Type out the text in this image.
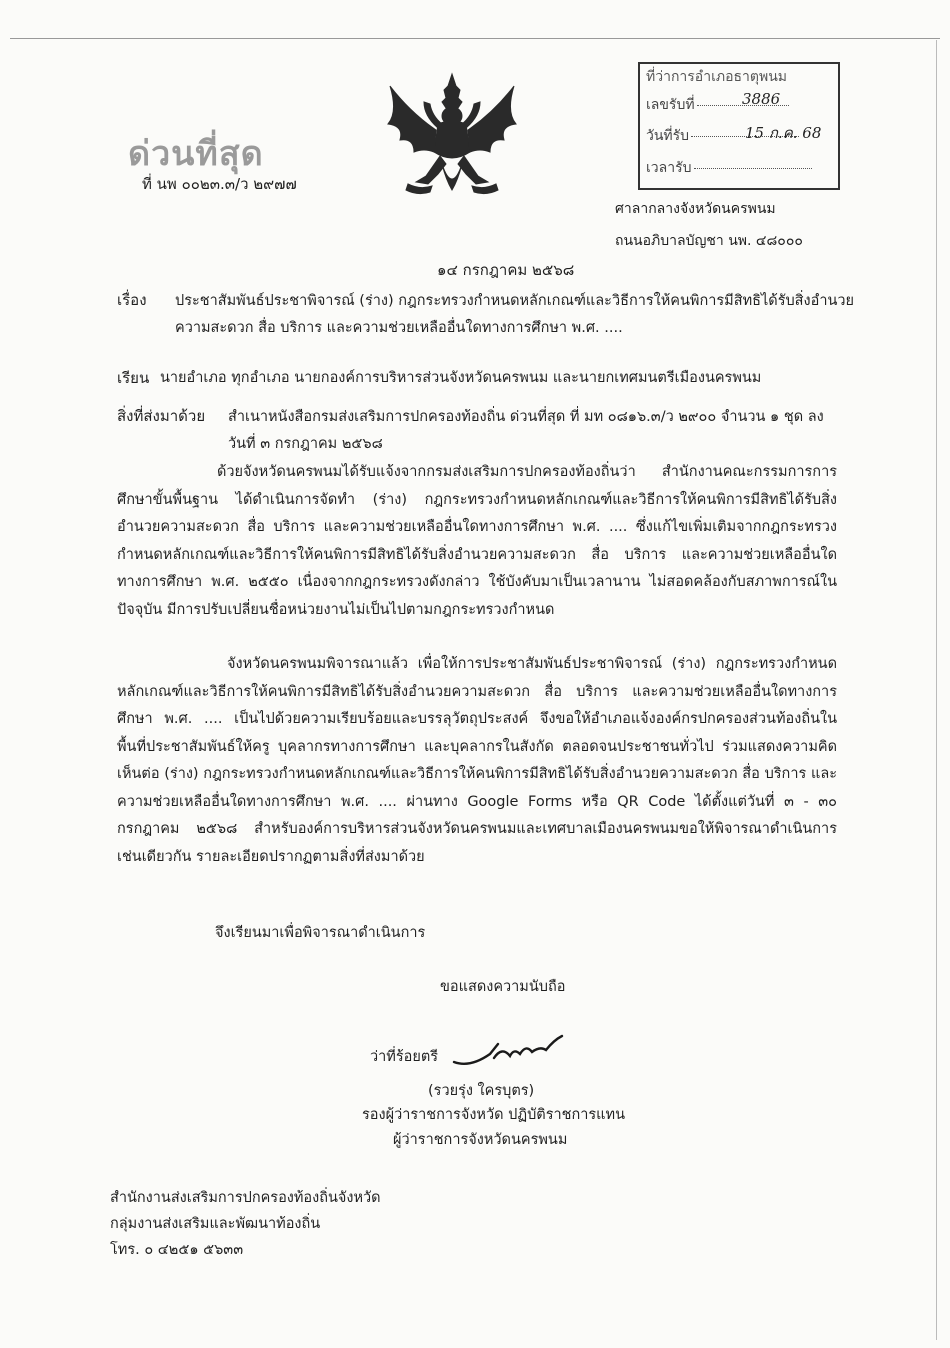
ด่วนที่สุด
ที่ นพ ๐๐๒๓.๓/ว ๒๙๗๗
ที่ว่าการอำเภอธาตุพนม
เลขรับที่	3886
วันที่รับ	15 ก.ค. 68
เวลารับ
ศาลากลางจังหวัดนครพนม
ถนนอภิบาลบัญชา นพ. ๔๘๐๐๐
๑๔ กรกฎาคม ๒๕๖๘
เรื่อง ประชาสัมพันธ์ประชาพิจารณ์ (ร่าง) กฎกระทรวงกำหนดหลักเกณฑ์และวิธีการให้คนพิการมีสิทธิได้รับสิ่งอำนวยความสะดวก สื่อ บริการ และความช่วยเหลืออื่นใดทางการศึกษา พ.ศ. ....
เรียน นายอำเภอ ทุกอำเภอ นายกองค์การบริหารส่วนจังหวัดนครพนม และนายกเทศมนตรีเมืองนครพนม
สิ่งที่ส่งมาด้วย สำเนาหนังสือกรมส่งเสริมการปกครองท้องถิ่น ด่วนที่สุด ที่ มท ๐๘๑๖.๓/ว ๒๙๐๐ จำนวน ๑ ชุด ลงวันที่ ๓ กรกฎาคม ๒๕๖๘
ด้วยจังหวัดนครพนมได้รับแจ้งจากกรมส่งเสริมการปกครองท้องถิ่นว่า สำนักงานคณะกรรมการการศึกษาขั้นพื้นฐาน ได้ดำเนินการจัดทำ (ร่าง) กฎกระทรวงกำหนดหลักเกณฑ์และวิธีการให้คนพิการมีสิทธิได้รับสิ่งอำนวยความสะดวก สื่อ บริการ และความช่วยเหลืออื่นใดทางการศึกษา พ.ศ. .... ซึ่งแก้ไขเพิ่มเติมจากกฎกระทรวงกำหนดหลักเกณฑ์และวิธีการให้คนพิการมีสิทธิได้รับสิ่งอำนวยความสะดวก สื่อ บริการ และความช่วยเหลืออื่นใดทางการศึกษา พ.ศ. ๒๕๕๐ เนื่องจากกฎกระทรวงดังกล่าว ใช้บังคับมาเป็นเวลานาน ไม่สอดคล้องกับสภาพการณ์ในปัจจุบัน มีการปรับเปลี่ยนชื่อหน่วยงานไม่เป็นไปตามกฎกระทรวงกำหนด
จังหวัดนครพนมพิจารณาแล้ว เพื่อให้การประชาสัมพันธ์ประชาพิจารณ์ (ร่าง) กฎกระทรวงกำหนดหลักเกณฑ์และวิธีการให้คนพิการมีสิทธิได้รับสิ่งอำนวยความสะดวก สื่อ บริการ และความช่วยเหลืออื่นใดทางการศึกษา พ.ศ. .... เป็นไปด้วยความเรียบร้อยและบรรลุวัตถุประสงค์ จึงขอให้อำเภอแจ้งองค์กรปกครองส่วนท้องถิ่นในพื้นที่ประชาสัมพันธ์ให้ครู บุคลากรทางการศึกษา และบุคลากรในสังกัด ตลอดจนประชาชนทั่วไป ร่วมแสดงความคิดเห็นต่อ (ร่าง) กฎกระทรวงกำหนดหลักเกณฑ์และวิธีการให้คนพิการมีสิทธิได้รับสิ่งอำนวยความสะดวก สื่อ บริการ และความช่วยเหลืออื่นใดทางการศึกษา พ.ศ. .... ผ่านทาง Google Forms หรือ QR Code ได้ตั้งแต่วันที่ ๓ - ๓๐ กรกฎาคม ๒๕๖๘ สำหรับองค์การบริหารส่วนจังหวัดนครพนมและเทศบาลเมืองนครพนมขอให้พิจารณาดำเนินการเช่นเดียวกัน รายละเอียดปรากฏตามสิ่งที่ส่งมาด้วย
จึงเรียนมาเพื่อพิจารณาดำเนินการ
ขอแสดงความนับถือ
ว่าที่ร้อยตรี
(รวยรุ่ง ใครบุตร)
รองผู้ว่าราชการจังหวัด ปฏิบัติราชการแทน
ผู้ว่าราชการจังหวัดนครพนม
สำนักงานส่งเสริมการปกครองท้องถิ่นจังหวัด
กลุ่มงานส่งเสริมและพัฒนาท้องถิ่น
โทร. ๐ ๔๒๕๑ ๕๖๓๓
